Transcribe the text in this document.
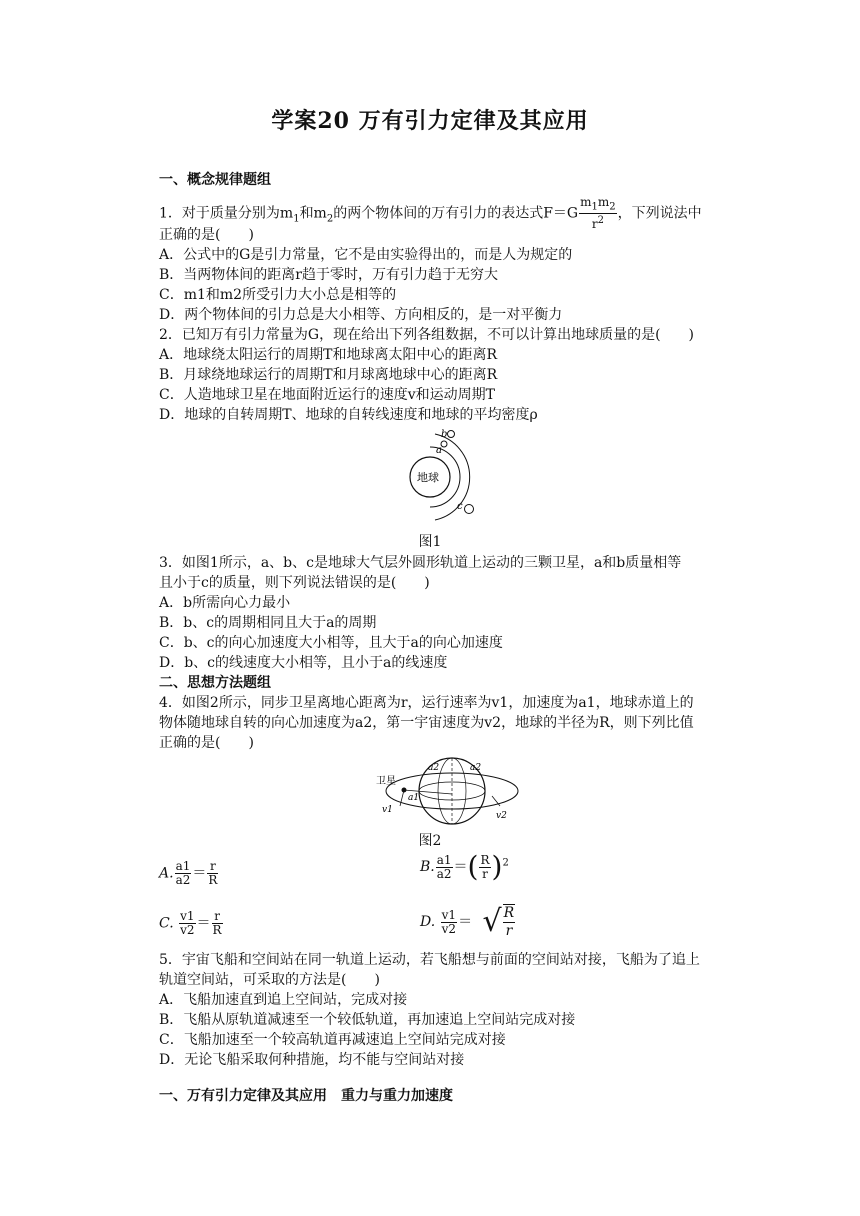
学案20 万有引力定律及其应用
一、概念规律题组
1．对于质量分别为$m_1$和$m_2$的两个物体间的万有引力的表达式$F=G \frac{m_1m_2}{r^2}$ ，下列说法中
正确的是(　　)
A．公式中的G是引力常量，它不是由实验得出的，而是人为规定的
B．当两物体间的距离r趋于零时，万有引力趋于无穷大
C．m1和m2所受引力大小总是相等的
D．两个物体间的引力总是大小相等、方向相反的，是一对平衡力
2．已知万有引力常量为G，现在给出下列各组数据，不可以计算出地球质量的是(　　)
A．地球绕太阳运行的周期T和地球离太阳中心的距离R
B．月球绕地球运行的周期T和月球离地球中心的距离R
C．人造地球卫星在地面附近运行的速度v和运动周期T
D．地球的自转周期T、地球的自转线速度和地球的平均密度ρ
地球
a
b
c
图1
3．如图1所示，a、b、c是地球大气层外圆形轨道上运动的三颗卫星，a和b质量相等
且小于c的质量，则下列说法错误的是(　　)
A．b所需向心力最小
B．b、c的周期相同且大于a的周期
C．b、c的向心加速度大小相等，且大于a的向心加速度
D．b、c的线速度大小相等，且小于a的线速度
二、思想方法题组
4．如图2所示，同步卫星离地心距离为r，运行速率为v1，加速度为a1，地球赤道上的
物体随地球自转的向心加速度为a2，第一宇宙速度为v2，地球的半径为R，则下列比值
正确的是(　　)
卫星
a2	a2
a1
v1
v2
图2
A. $\frac{a1}{a2} = \frac{r}{R}$	B. $\frac{a1}{a2}$ ＝( $\frac{R}{r} )^2$
C. $\frac{v1}{v2} = \frac{r}{R}$	D. $\frac{v1}{v2}$ ＝ √ $\frac{R}{r}$
5．宇宙飞船和空间站在同一轨道上运动，若飞船想与前面的空间站对接，飞船为了追上
轨道空间站，可采取的方法是(　　)
A．飞船加速直到追上空间站，完成对接
B．飞船从原轨道减速至一个较低轨道，再加速追上空间站完成对接
C．飞船加速至一个较高轨道再减速追上空间站完成对接
D．无论飞船采取何种措施，均不能与空间站对接
一、万有引力定律及其应用　重力与重力加速度
